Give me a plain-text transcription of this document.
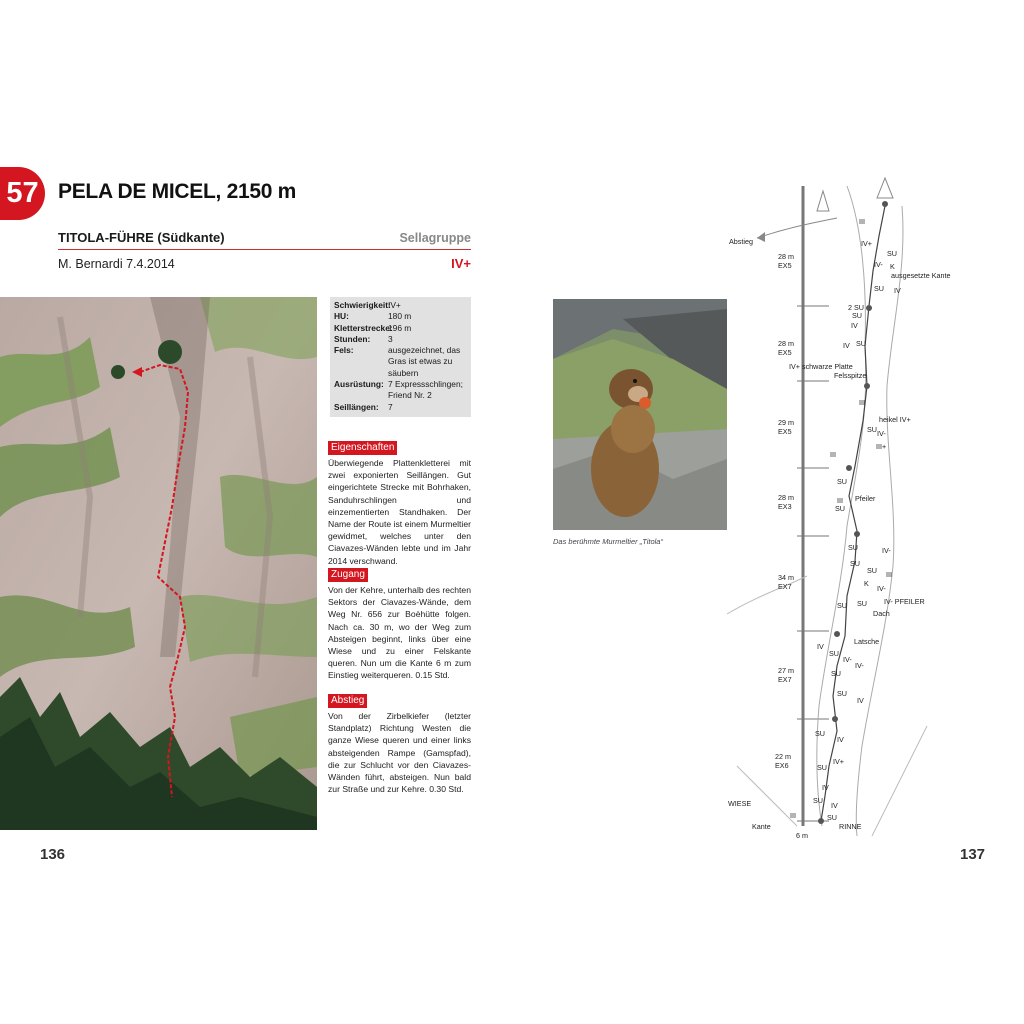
57 PELA DE MICEL, 2150 m
TITOLA-FÜHRE (Südkante)	Sellagruppe
M. Bernardi 7.4.2014	IV+
Schwierigkeit:
IV+
HU:	180 m
Kletterstrecke:
196 m
Stunden:	3
Fels:	ausgezeichnet, das Gras ist etwas zu säubern
Ausrüstung: 7 Expressschlingen; Friend Nr. 2
Seillängen:	7
Eigenschaften
Überwiegende Plattenkletterei mit zwei exponierten Seillängen. Gut eingerichtete Strecke mit Bohrhaken, Sanduhrschlingen und einzementierten Standhaken. Der Name der Route ist einem Murmeltier gewidmet, welches unter den Ciavazes-Wänden lebte und im Jahr 2014 verschwand.
Zugang
Von der Kehre, unterhalb des rechten Sektors der Ciavazes-Wände, dem Weg Nr. 656 zur Boèhütte folgen. Nach ca. 30 m, wo der Weg zum Absteigen beginnt, links über eine Wiese und zu einer Felskante queren. Nun um die Kante 6 m zum Einstieg weiterqueren. 0.15 Std.
Abstieg
Von der Zirbelkiefer (letzter Standplatz) Richtung Westen die ganze Wiese queren und einer links absteigenden Rampe (Gamspfad), die zur Schlucht vor den Ciavazes-Wänden führt, absteigen. Nun bald zur Straße und zur Kehre. 0.30 Std.
136	137
Das berühmte Murmeltier „Titola“
28 m
EX5
28 m
EX5
29 m
EX5
28 m
EX3
34 m
EX7
27 m
EX7
22 m
EX6
Abstieg
ausgesetzte Kante
IV+ schwarze Platte
Felsspitze
heikel IV+
Pfeiler
IV- PFEILER
Dach
Latsche
WIESE
Kante	RINNE
6 m
III
IV+
SU
IV- K
SU IV
2 SU
SU
IV
IV SU
III
SU IV-
III+
III
SU
III
SU
SU	IV-
SU
SU III
K
IV-
SU
SU
IV
SU
IV-
IV-
SU
SU
IV
SU
IV
IV+
SU
IV
SU
IV
SU
III
